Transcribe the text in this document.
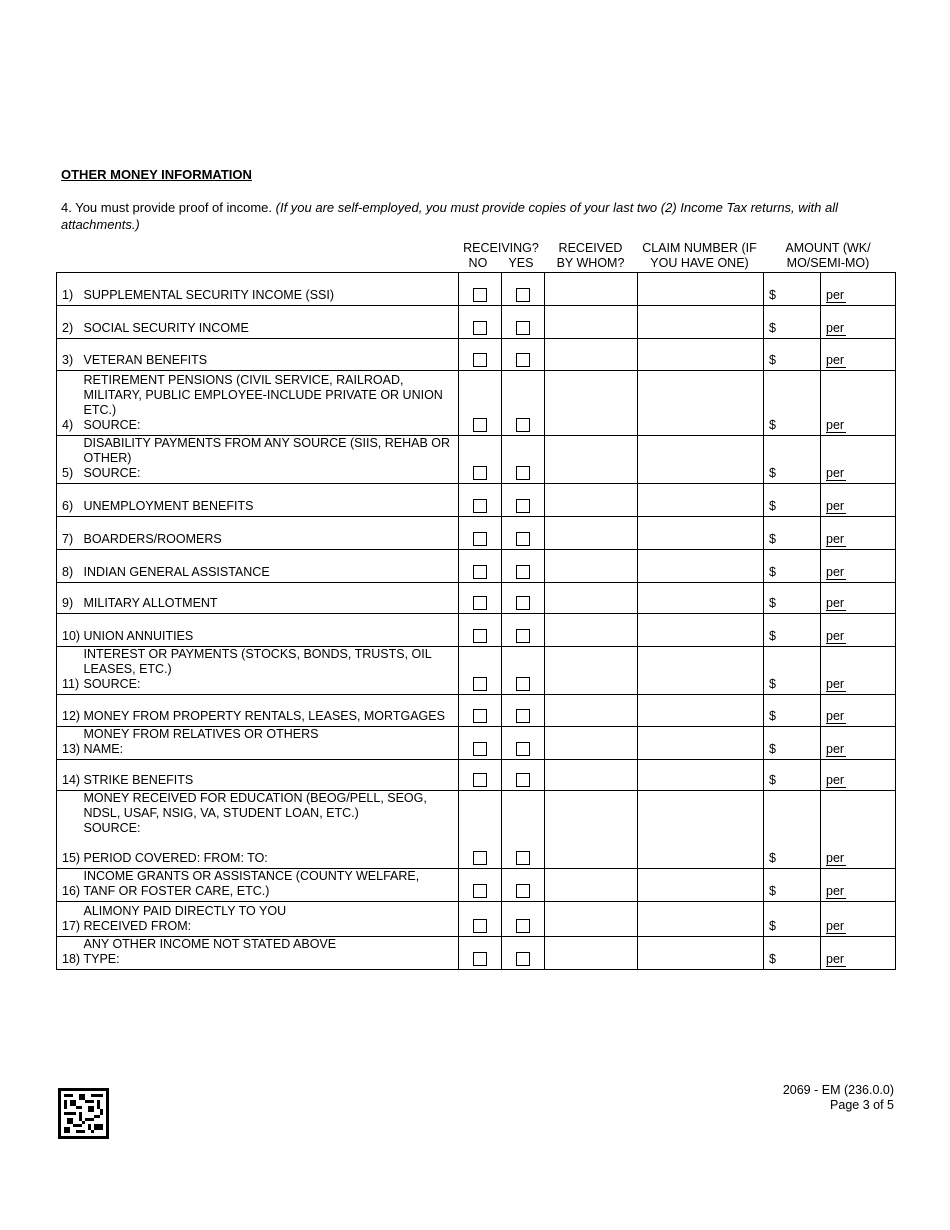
OTHER MONEY INFORMATION
4. You must provide proof of income. (If you are self-employed, you must provide copies of your last two (2) Income Tax returns, with all attachments.)
RECEIVING?
NO YES
RECEIVED
BY WHOM?
CLAIM NUMBER (IF
YOU HAVE ONE)
AMOUNT (WK/
MO/SEMI-MO)
1)	SUPPLEMENTAL SECURITY INCOME (SSI)					$	per
2)	SOCIAL SECURITY INCOME					$	per
3)	VETERAN BENEFITS					$	per
4)	RETIREMENT PENSIONS (CIVIL SERVICE, RAILROAD, MILITARY, PUBLIC EMPLOYEE-INCLUDE PRIVATE OR UNION ETC.)
SOURCE:					$	per
5)	DISABILITY PAYMENTS FROM ANY SOURCE (SIIS, REHAB OR OTHER)
SOURCE:					$	per
6)	UNEMPLOYMENT BENEFITS					$	per
7)	BOARDERS/ROOMERS					$	per
8)	INDIAN GENERAL ASSISTANCE					$	per
9)	MILITARY ALLOTMENT					$	per
10)	UNION ANNUITIES					$	per
11)	INTEREST OR PAYMENTS (STOCKS, BONDS, TRUSTS, OIL LEASES, ETC.)
SOURCE:					$	per
12)	MONEY FROM PROPERTY RENTALS, LEASES, MORTGAGES					$	per
13)	MONEY FROM RELATIVES OR OTHERS
NAME:					$	per
14)	STRIKE BENEFITS					$	per
15)	MONEY RECEIVED FOR EDUCATION (BEOG/PELL, SEOG, NDSL, USAF, NSIG, VA, STUDENT LOAN, ETC.)
SOURCE:

PERIOD COVERED: FROM: TO:					$	per
16)	INCOME GRANTS OR ASSISTANCE (COUNTY WELFARE, TANF OR FOSTER CARE, ETC.)					$	per
17)	ALIMONY PAID DIRECTLY TO YOU
RECEIVED FROM:					$	per
18)	ANY OTHER INCOME NOT STATED ABOVE
TYPE:					$	per
2069 - EM (236.0.0)
Page 3 of 5
